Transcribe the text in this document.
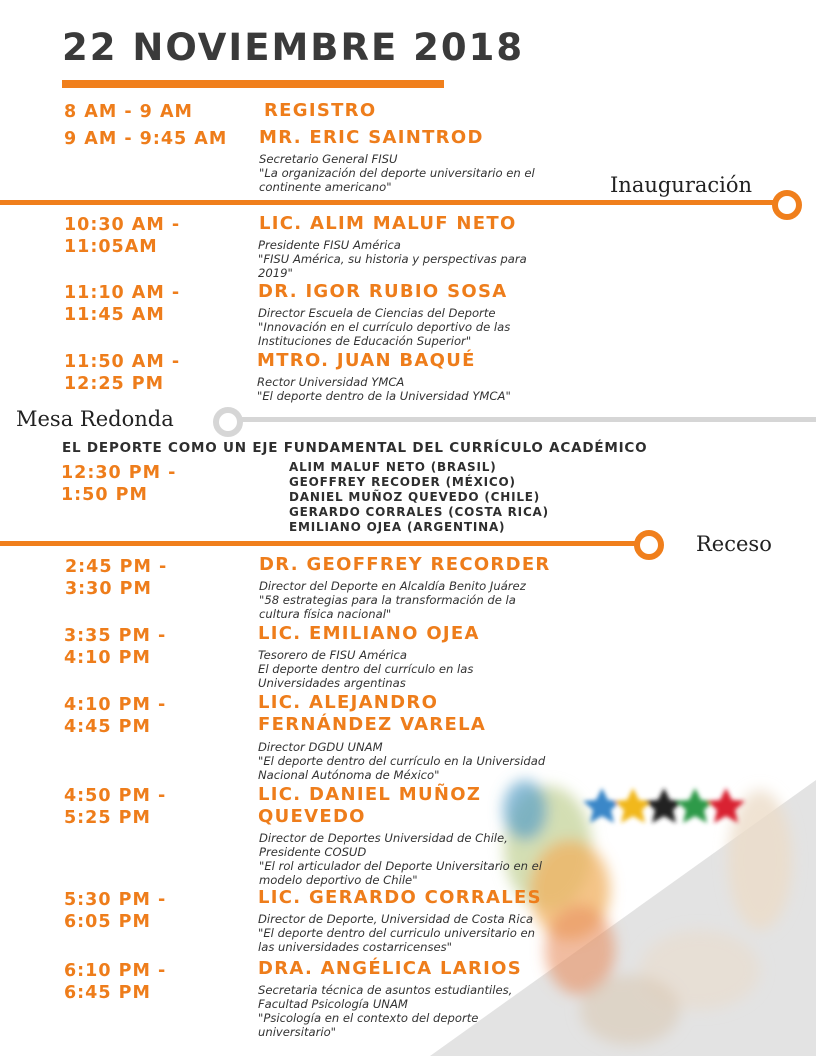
22 NOVIEMBRE 2018
Inauguración
Mesa Redonda
Receso
8 AM - 9 AM	REGISTRO
9 AM - 9:45 AM MR. ERIC SAINTROD
Secretario General FISU
"La organización del deporte universitario en el
continente americano"
10:30 AM -
11:05AM
LIC. ALIM MALUF NETO
Presidente FISU América
"FISU América, su historia y perspectivas para
2019"
11:10 AM -
11:45 AM
DR. IGOR RUBIO SOSA
Director Escuela de Ciencias del Deporte
"Innovación en el currículo deportivo de las
Instituciones de Educación Superior"
11:50 AM -
12:25 PM
MTRO. JUAN BAQUÉ
Rector Universidad YMCA
"El deporte dentro de la Universidad YMCA"
EL DEPORTE COMO UN EJE FUNDAMENTAL DEL CURRÍCULO ACADÉMICO
12:30 PM -
1:50 PM
ALIM MALUF NETO (BRASIL)
GEOFFREY RECODER (MÉXICO)
DANIEL MUÑOZ QUEVEDO (CHILE)
GERARDO CORRALES (COSTA RICA)
EMILIANO OJEA (ARGENTINA)
2:45 PM -
3:30 PM
DR. GEOFFREY RECORDER
Director del Deporte en Alcaldía Benito Juárez
"58 estrategias para la transformación de la
cultura física nacional"
3:35 PM -
4:10 PM
LIC. EMILIANO OJEA
Tesorero de FISU América
El deporte dentro del currículo en las
Universidades argentinas
4:10 PM -
4:45 PM
LIC. ALEJANDRO
FERNÁNDEZ VARELA
Director DGDU UNAM
"El deporte dentro del currículo en la Universidad
Nacional Autónoma de México"
4:50 PM -
5:25 PM
LIC. DANIEL MUÑOZ
QUEVEDO
Director de Deportes Universidad de Chile,
Presidente COSUD
"El rol articulador del Deporte Universitario en el
modelo deportivo de Chile"
5:30 PM -
6:05 PM
LIC. GERARDO CORRALES
Director de Deporte, Universidad de Costa Rica
"El deporte dentro del curriculo universitario en
las universidades costarricenses"
6:10 PM -
6:45 PM
DRA. ANGÉLICA LARIOS
Secretaria técnica de asuntos estudiantiles,
Facultad Psicología UNAM
"Psicología en el contexto del deporte
universitario"
